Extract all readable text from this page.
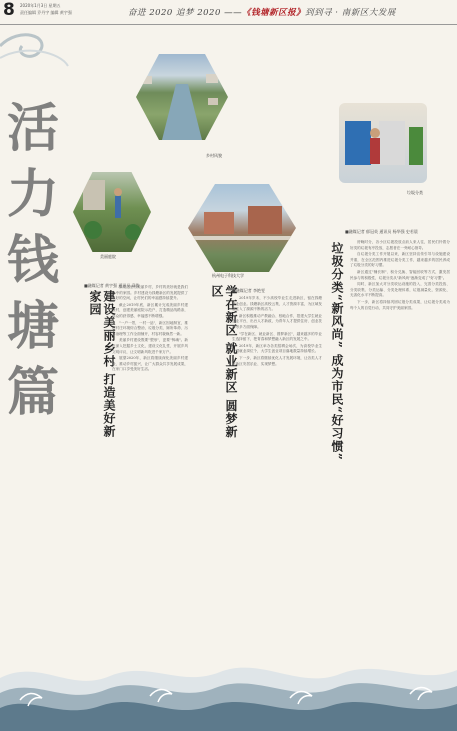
8 2020年1月3日 星期五
责任编辑 乔丹宇 编辑 黄宇强	奋进 2020 追梦 2020 ——《钱塘新区报》到到寻 · 南新区大发展
活
力
钱
塘
篇
乡村风貌
美丽庭院
杭州电子科技大学
垃圾分类
建设美丽乡村 打造美好新家园
■融媒记者 黄宇强 通讯员 章俊

如果这里有美丽乡村，乡村的美好就是我们心中的家园。乡村建设为钱塘新区的发展提供了良好的空间，让村民们的幸福感持续提升。

截止2019年底，新区累计完成美丽乡村建设村，创建美丽庭院示范户，打造精品线路条，群众的获得感、幸福感不断增强。

"一户一景，一村一品"，新区因地制宜，推进村庄环境综合整治，垃圾分类、厕所革命、污水治理等工作全面铺开，村容村貌焕然一新。

美丽乡村建设既要"塑形"，更要"铸魂"。新区深入挖掘乡土文化，建设文化礼堂，开展乡风文明评议，让文明新风吹进千家万户。

展望2020年，新区将继续深化美丽乡村建设，推动乡村振兴，让广大群众共享发展成果，在家门口享受美好生活。	学在新区 就业新区 圆梦新区	■融媒记者 李艳雯

2019年岁末，不少高校毕业生走进新区，留在钱塘就业创业。钱塘新区高校云集，人才资源丰富，为区域发展注入了源源不断的活力。

新区积极推动产教融合、校地合作，搭建大学生就业创业平台，出台人才新政，为青年人才提供住房、创业扶持等多方面保障。

"学在新区、就业新区、圆梦新区"，越来越多的毕业生选择留下，把青春和梦想融入新区的发展之中。

2019年，新区举办各类招聘会场次，为高校毕业生提供就业岗位个，大学生创业项目落地数量持续增长。

下一步，新区将继续优化人才发展环境，让各类人才在新区安居乐业、实现梦想。	垃圾分类“新风尚” 成为市民“好习惯”
■融媒记者 郁冠英 通讯员 杨华强 史若晨

傍晚时分，各小区垃圾投放点前人来人往，居民们拎着分好类的垃圾有序投放，志愿者在一旁耐心指导。

自垃圾分类工作开展以来，新区坚持宣传引导与设施建设并重，在全区范围内推进垃圾分类工作，越来越多的居民养成了垃圾分类的好习惯。

新区通过"桶长制"、积分兑换、智能回收等方式，激发居民参与的积极性，垃圾分类从"新风尚"逐渐变成了"好习惯"。

同时，新区加大对分类收运设施的投入，完善分类投放、分类收集、分类运输、分类处理体系，垃圾减量化、资源化、无害化水平不断提高。

下一步，新区将持续巩固垃圾分类成果，让垃圾分类成为每个人的自觉行动，共同守护美丽家园。
